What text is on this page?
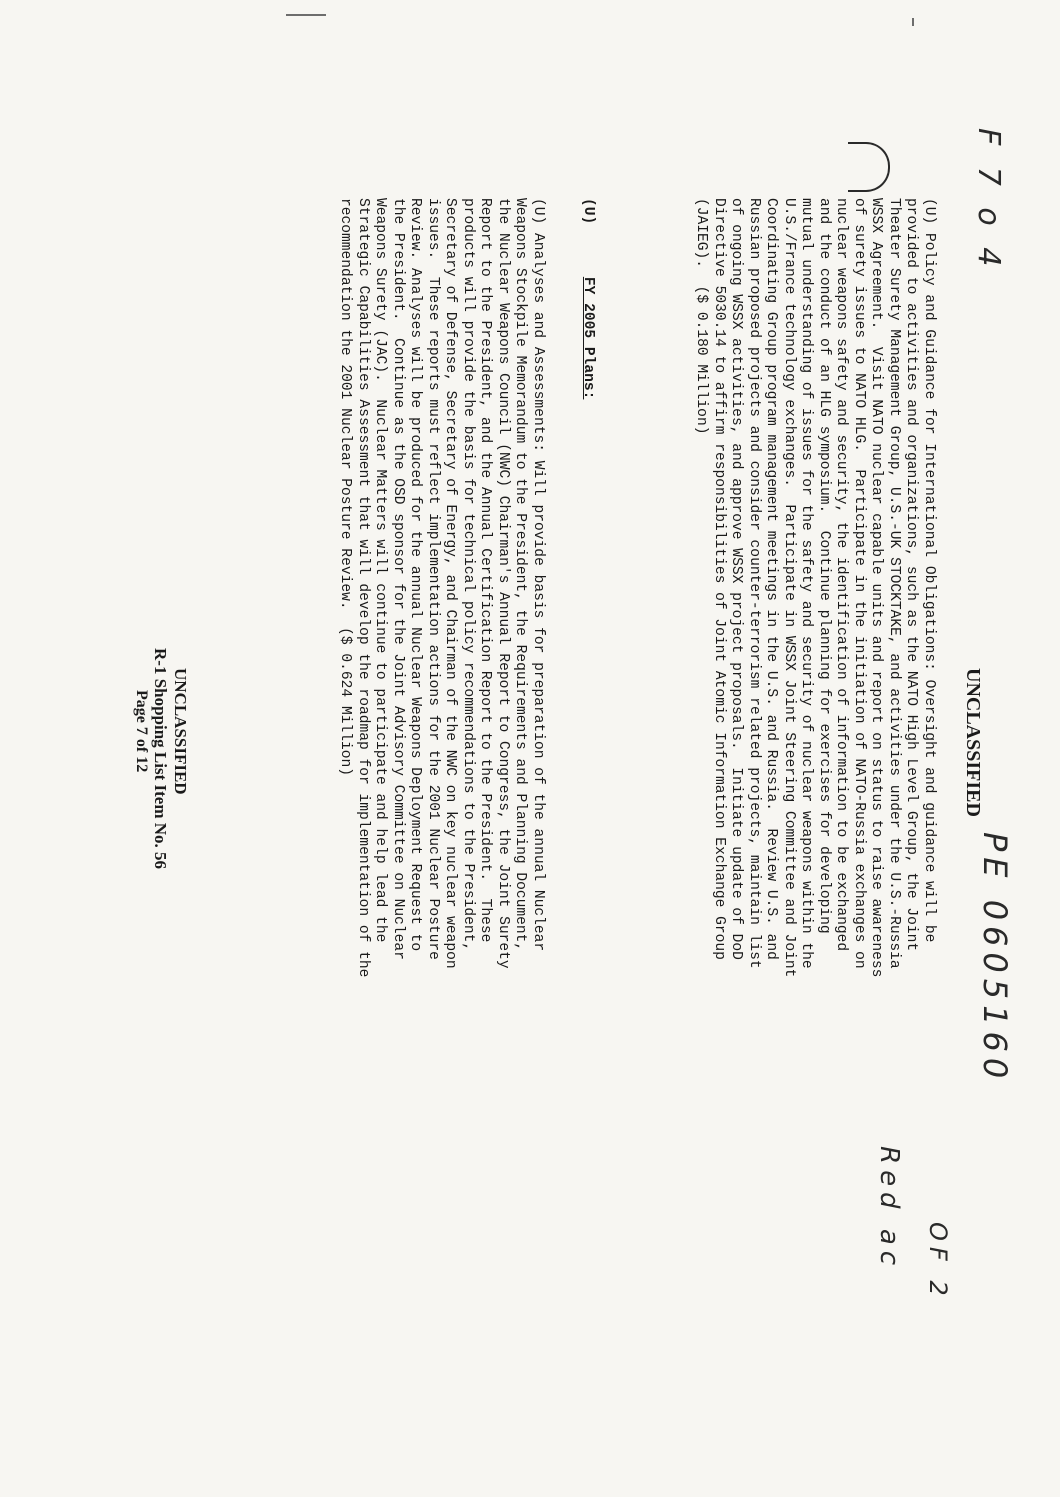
UNCLASSIFIED
(U) Policy and Guidance for International Obligations: Oversight and guidance will be
provided to activities and organizations, such as the NATO High Level Group, the Joint
Theater Surety Management Group, U.S.-UK STOCKTAKE, and activities under the U.S.-Russia
WSSX Agreement.  Visit NATO nuclear capable units and report on status to raise awareness
of surety issues to NATO HLG.  Participate in the initiation of NATO-Russia exchanges on
nuclear weapons safety and security, the identification of information to be exchanged
and the conduct of an HLG symposium.  Continue planning for exercises for developing
mutual understanding of issues for the safety and security of nuclear weapons within the
U.S./France technology exchanges.  Participate in WSSX Joint Steering Committee and Joint
Coordinating Group program management meetings in the U.S. and Russia.  Review U.S. and
Russian proposed projects and consider counter-terrorism related projects, maintain list
of ongoing WSSX activities, and approve WSSX project proposals.  Initiate update of DoD
Directive 5030.14 to affirm responsibilities of Joint Atomic Information Exchange Group
(JAIEG).  ($ 0.180 Million)
(U)      FY 2005 Plans:
(U) Analyses and Assessments: Will provide basis for preparation of the annual Nuclear
Weapons Stockpile Memorandum to the President, the Requirements and Planning Document,
the Nuclear Weapons Council (NWC) Chairman's Annual Report to Congress, the Joint Surety
Report to the President, and the Annual Certification Report to the President.  These
products will provide the basis for technical policy recommendations to the President,
Secretary of Defense, Secretary of Energy, and Chairman of the NWC on key nuclear weapon
issues.  These reports must reflect implementation actions for the 2001 Nuclear Posture
Review. Analyses will be produced for the annual Nuclear Weapons Deployment Request to
the President.  Continue as the OSD sponsor for the Joint Advisory Committee on Nuclear
Weapons Surety (JAC).  Nuclear Matters will continue to participate and help lead the
Strategic Capabilities Assessment that will develop the roadmap for implementation of the
recommendation the 2001 Nuclear Posture Review.  ($ 0.624 Million)
UNCLASSIFIED
R-1 Shopping List Item No. 56
Page 7 of 12
F 7 o 4
PE 0605160
OF 2
Red ac
